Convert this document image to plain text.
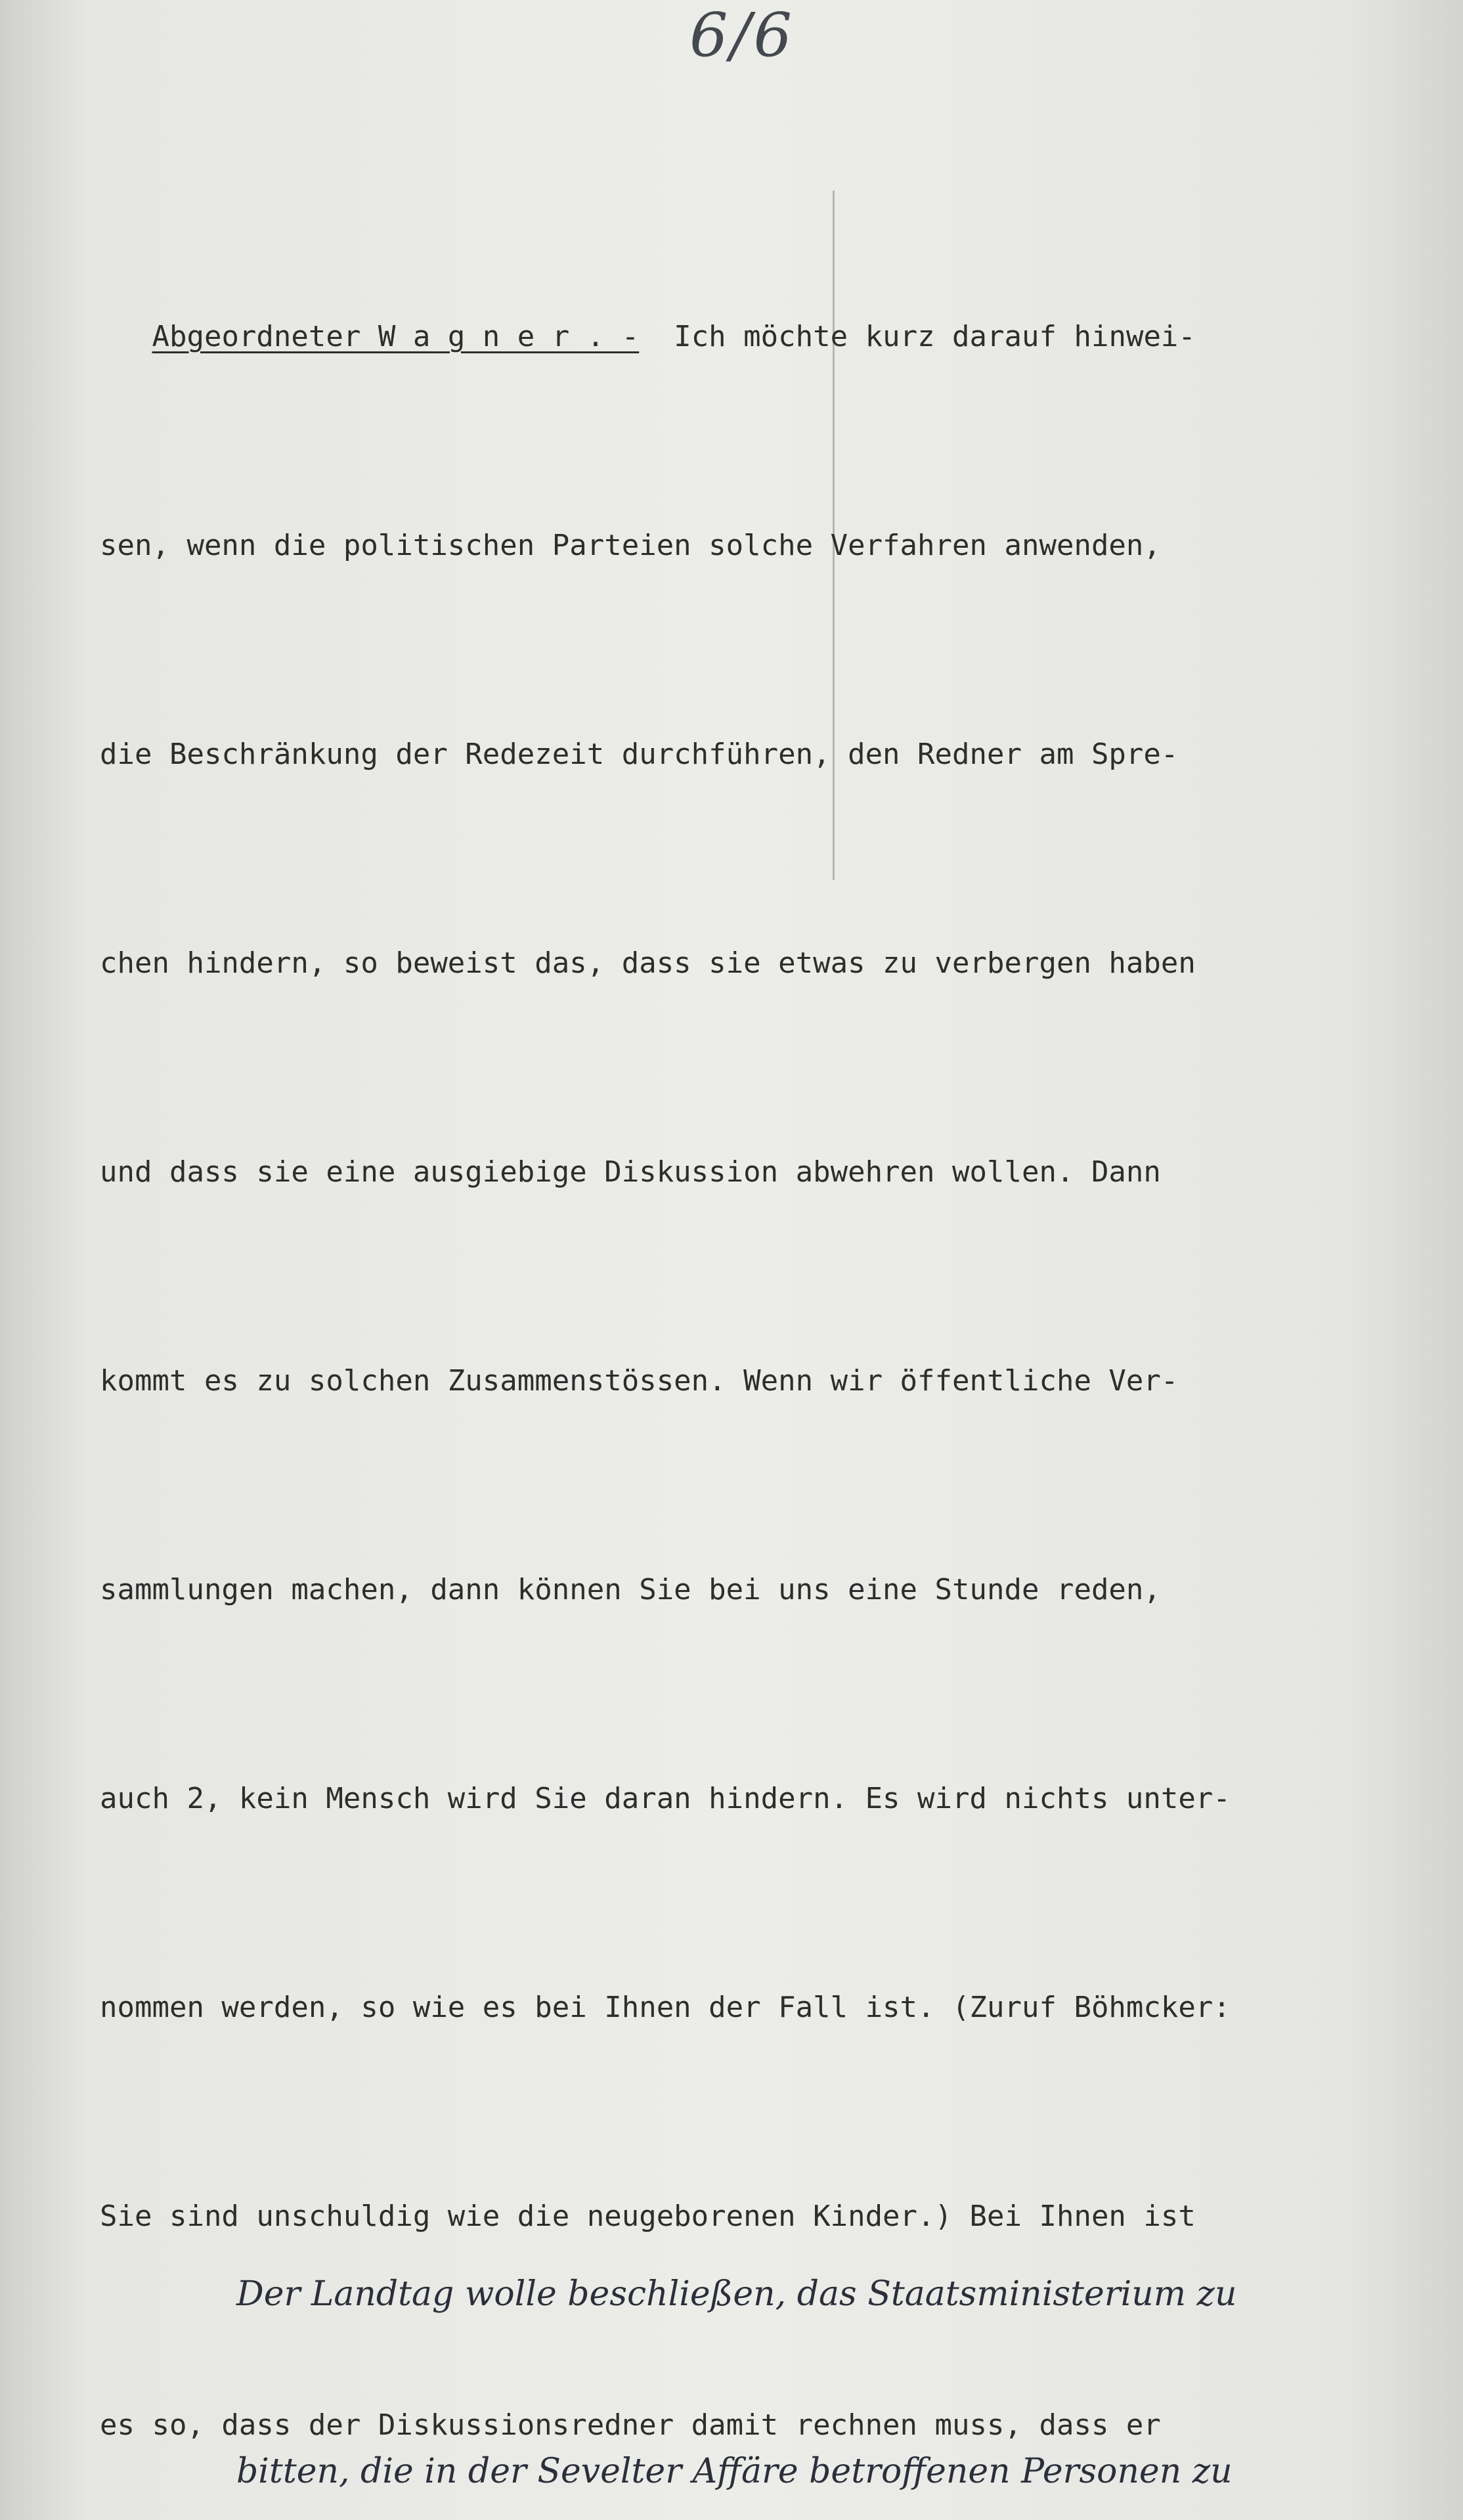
6/6

Abgeordneter W a g n e r . - Ich möchte kurz darauf hinwei-

sen, wenn die politischen Parteien solche Verfahren anwenden,

die Beschränkung der Redezeit durchführen, den Redner am Spre-

chen hindern, so beweist das, dass sie etwas zu verbergen haben

und dass sie eine ausgiebige Diskussion abwehren wollen. Dann

kommt es zu solchen Zusammenstössen. Wenn wir öffentliche Ver-

sammlungen machen, dann können Sie bei uns eine Stunde reden,

auch 2, kein Mensch wird Sie daran hindern. Es wird nichts unter-

nommen werden, so wie es bei Ihnen der Fall ist. (Zuruf Böhmcker:

Sie sind unschuldig wie die neugeborenen Kinder.) Bei Ihnen ist

es so, dass der Diskussionsredner damit rechnen muss, dass er

Der Landtag wolle beschließen, das Staatsministerium zu

bitten, die in der Sevelter Affäre betroffenen Personen zu
